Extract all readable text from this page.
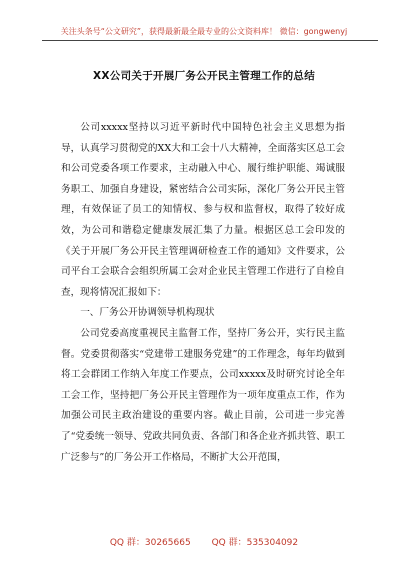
关注头条号“公文研究”，获得最新最全最专业的公文资料库！ 微信：gongwenyj
XX公司关于开展厂务公开民主管理工作的总结

公司xxxxx坚持以习近平新时代中国特色社会主义思想为指导，认真学习贯彻党的XX大和工会十八大精神，全面落实区总工会和公司党委各项工作要求，主动融入中心、履行维护职能、竭诚服务职工、加强自身建设，紧密结合公司实际，深化厂务公开民主管理，有效保证了员工的知情权、参与权和监督权，取得了较好成效，为公司和谐稳定健康发展汇集了力量。根据区总工会印发的《关于开展厂务公开民主管理调研检查工作的通知》文件要求，公司平台工会联合会组织所属工会对企业民主管理工作进行了自检自查，现将情况汇报如下：

一、厂务公开协调领导机构现状

公司党委高度重视民主监督工作，坚持厂务公开，实行民主监督。党委贯彻落实“党建带工建服务党建”的工作理念，每年均做到将工会群团工作纳入年度工作要点，公司xxxxx及时研究讨论全年工会工作，坚持把厂务公开民主管理作为一项年度重点工作，作为加强公司民主政治建设的重要内容。截止目前，公司进一步完善了“党委统一领导、党政共同负责、各部门和各企业齐抓共管、职工广泛参与”的厂务公开工作格局，不断扩大公开范围，

QQ 群：30265665 QQ 群：535304092
